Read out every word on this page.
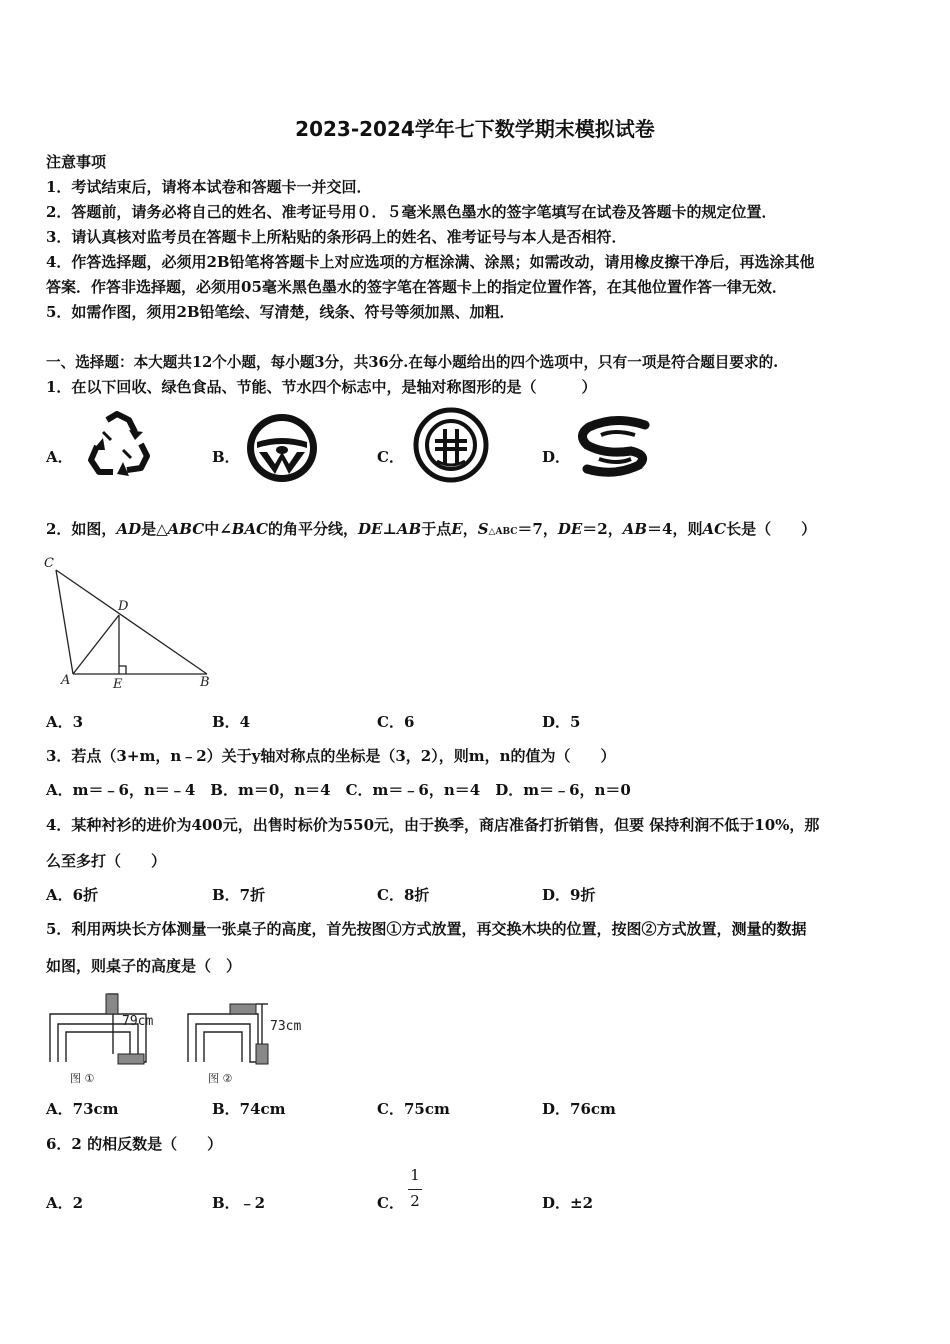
2023-2024学年七下数学期末模拟试卷
注意事项
1．考试结束后，请将本试卷和答题卡一并交回．
2．答题前，请务必将自己的姓名、准考证号用０．５毫米黑色墨水的签字笔填写在试卷及答题卡的规定位置．
3．请认真核对监考员在答题卡上所粘贴的条形码上的姓名、准考证号与本人是否相符．
4．作答选择题，必须用2B铅笔将答题卡上对应选项的方框涂满、涂黑；如需改动，请用橡皮擦干净后，再选涂其他
答案．作答非选择题，必须用05毫米黑色墨水的签字笔在答题卡上的指定位置作答，在其他位置作答一律无效．
5．如需作图，须用2B铅笔绘、写清楚，线条、符号等须加黑、加粗．
一、选择题：本大题共12个小题，每小题3分，共36分.在每小题给出的四个选项中，只有一项是符合题目要求的.
1．在以下回收、绿色食品、节能、节水四个标志中，是轴对称图形的是（　　　）
A．	B．	C．	D．
2．如图，AD是△ABC中∠BAC的角平分线，DE⊥AB于点E，S△ABC＝7，DE＝2，AB＝4，则AC长是（　　）
C
D
A	E	B
A．3	B．4	C．6	D．5
3．若点（3+m，n﹣2）关于y轴对称点的坐标是（3，2），则m，n的值为（　　）
A．m＝﹣6，n＝﹣4　B．m＝0，n＝4　C．m＝﹣6，n＝4　D．m＝﹣6，n＝0
4．某种衬衫的进价为400元，出售时标价为550元，由于换季，商店准备打折销售，但要 保持利润不低于10%，那
么至多打（　　）
A．6折	B．7折	C．8折	D．9折
5．利用两块长方体测量一张桌子的高度，首先按图①方式放置，再交换木块的位置，按图②方式放置，测量的数据
如图，则桌子的高度是（　）
79cm	73cm
图 ①	图 ②
A．73cm	B．74cm	C．75cm	D．76cm
6．2 的相反数是（　　）
A．2	B．﹣2	C．
1
2	D．±2
